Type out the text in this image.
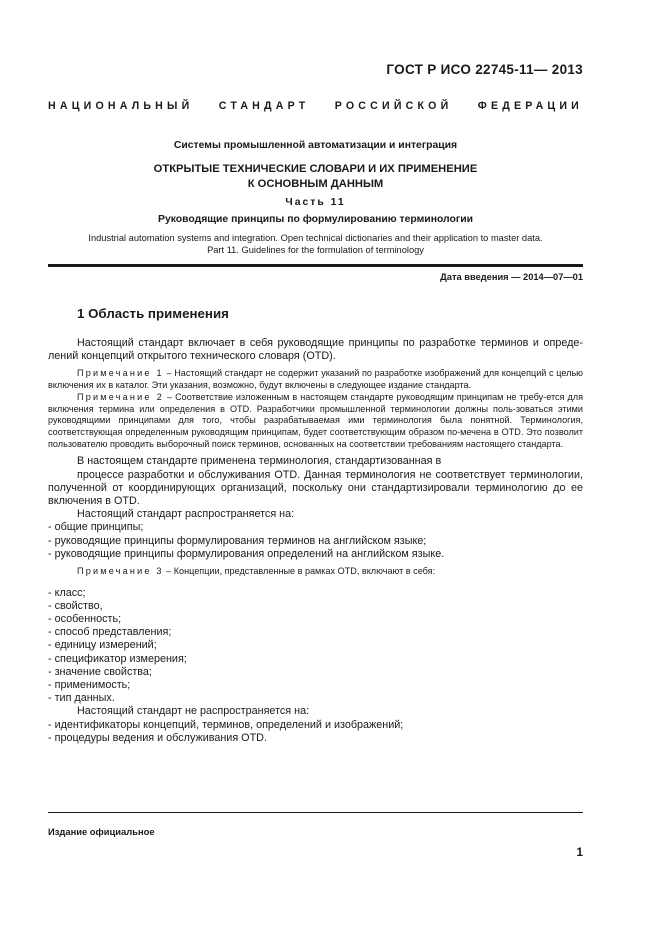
ГОСТ Р ИСО 22745-11— 2013
НАЦИОНАЛЬНЫЙ СТАНДАРТ РОССИЙСКОЙ ФЕДЕРАЦИИ
Системы промышленной автоматизации и интеграция
ОТКРЫТЫЕ ТЕХНИЧЕСКИЕ СЛОВАРИ И ИХ ПРИМЕНЕНИЕ
К ОСНОВНЫМ ДАННЫМ
Часть 11
Руководящие принципы по формулированию терминологии
Industrial automation systems and integration. Open technical dictionaries and their application to master data.
Part 11. Guidelines for the formulation of terminology
Дата введения — 2014—07—01
1 Область применения

Настоящий стандарт включает в себя руководящие принципы по разработке терминов и опреде-лений концепций открытого технического словаря (OTD).

Примечание 1 – Настоящий стандарт не содержит указаний по разработке изображений для концепций с целью включения их в каталог. Эти указания, возможно, будут включены в следующее издание стандарта.

Примечание 2 – Соответствие изложенным в настоящем стандарте руководящим принципам не требу-ется для включения термина или определения в OTD. Разработчики промышленной терминологии должны поль-зоваться этими руководящими принципами для того, чтобы разрабатываемая ими терминология была понятной. Терминология, соответствующая определенным руководящим принципам, будет соответствующим образом по-мечена в OTD. Это позволит пользователю проводить выборочный поиск терминов, основанных на соответствии требованиям настоящего стандарта.

В настоящем стандарте применена терминология, стандартизованная в

процессе разработки и обслуживания OTD. Данная терминология не соответствует терминологии, полученной от координирующих организаций, поскольку они стандартизировали терминологию до ее включения в OTD.

Настоящий стандарт распространяется на:

- общие принципы;

- руководящие принципы формулирования терминов на английском языке;

- руководящие принципы формулирования определений на английском языке.

Примечание 3 – Концепции, представленные в рамках OTD, включают в себя:

- класс;

- свойство,

- особенность;

- способ представления;

- единицу измерений;

- спецификатор измерения;

- значение свойства;

- применимость;

- тип данных.

Настоящий стандарт не распространяется на:

- идентификаторы концепций, терминов, определений и изображений;

- процедуры ведения и обслуживания OTD.

Издание официальное
1
